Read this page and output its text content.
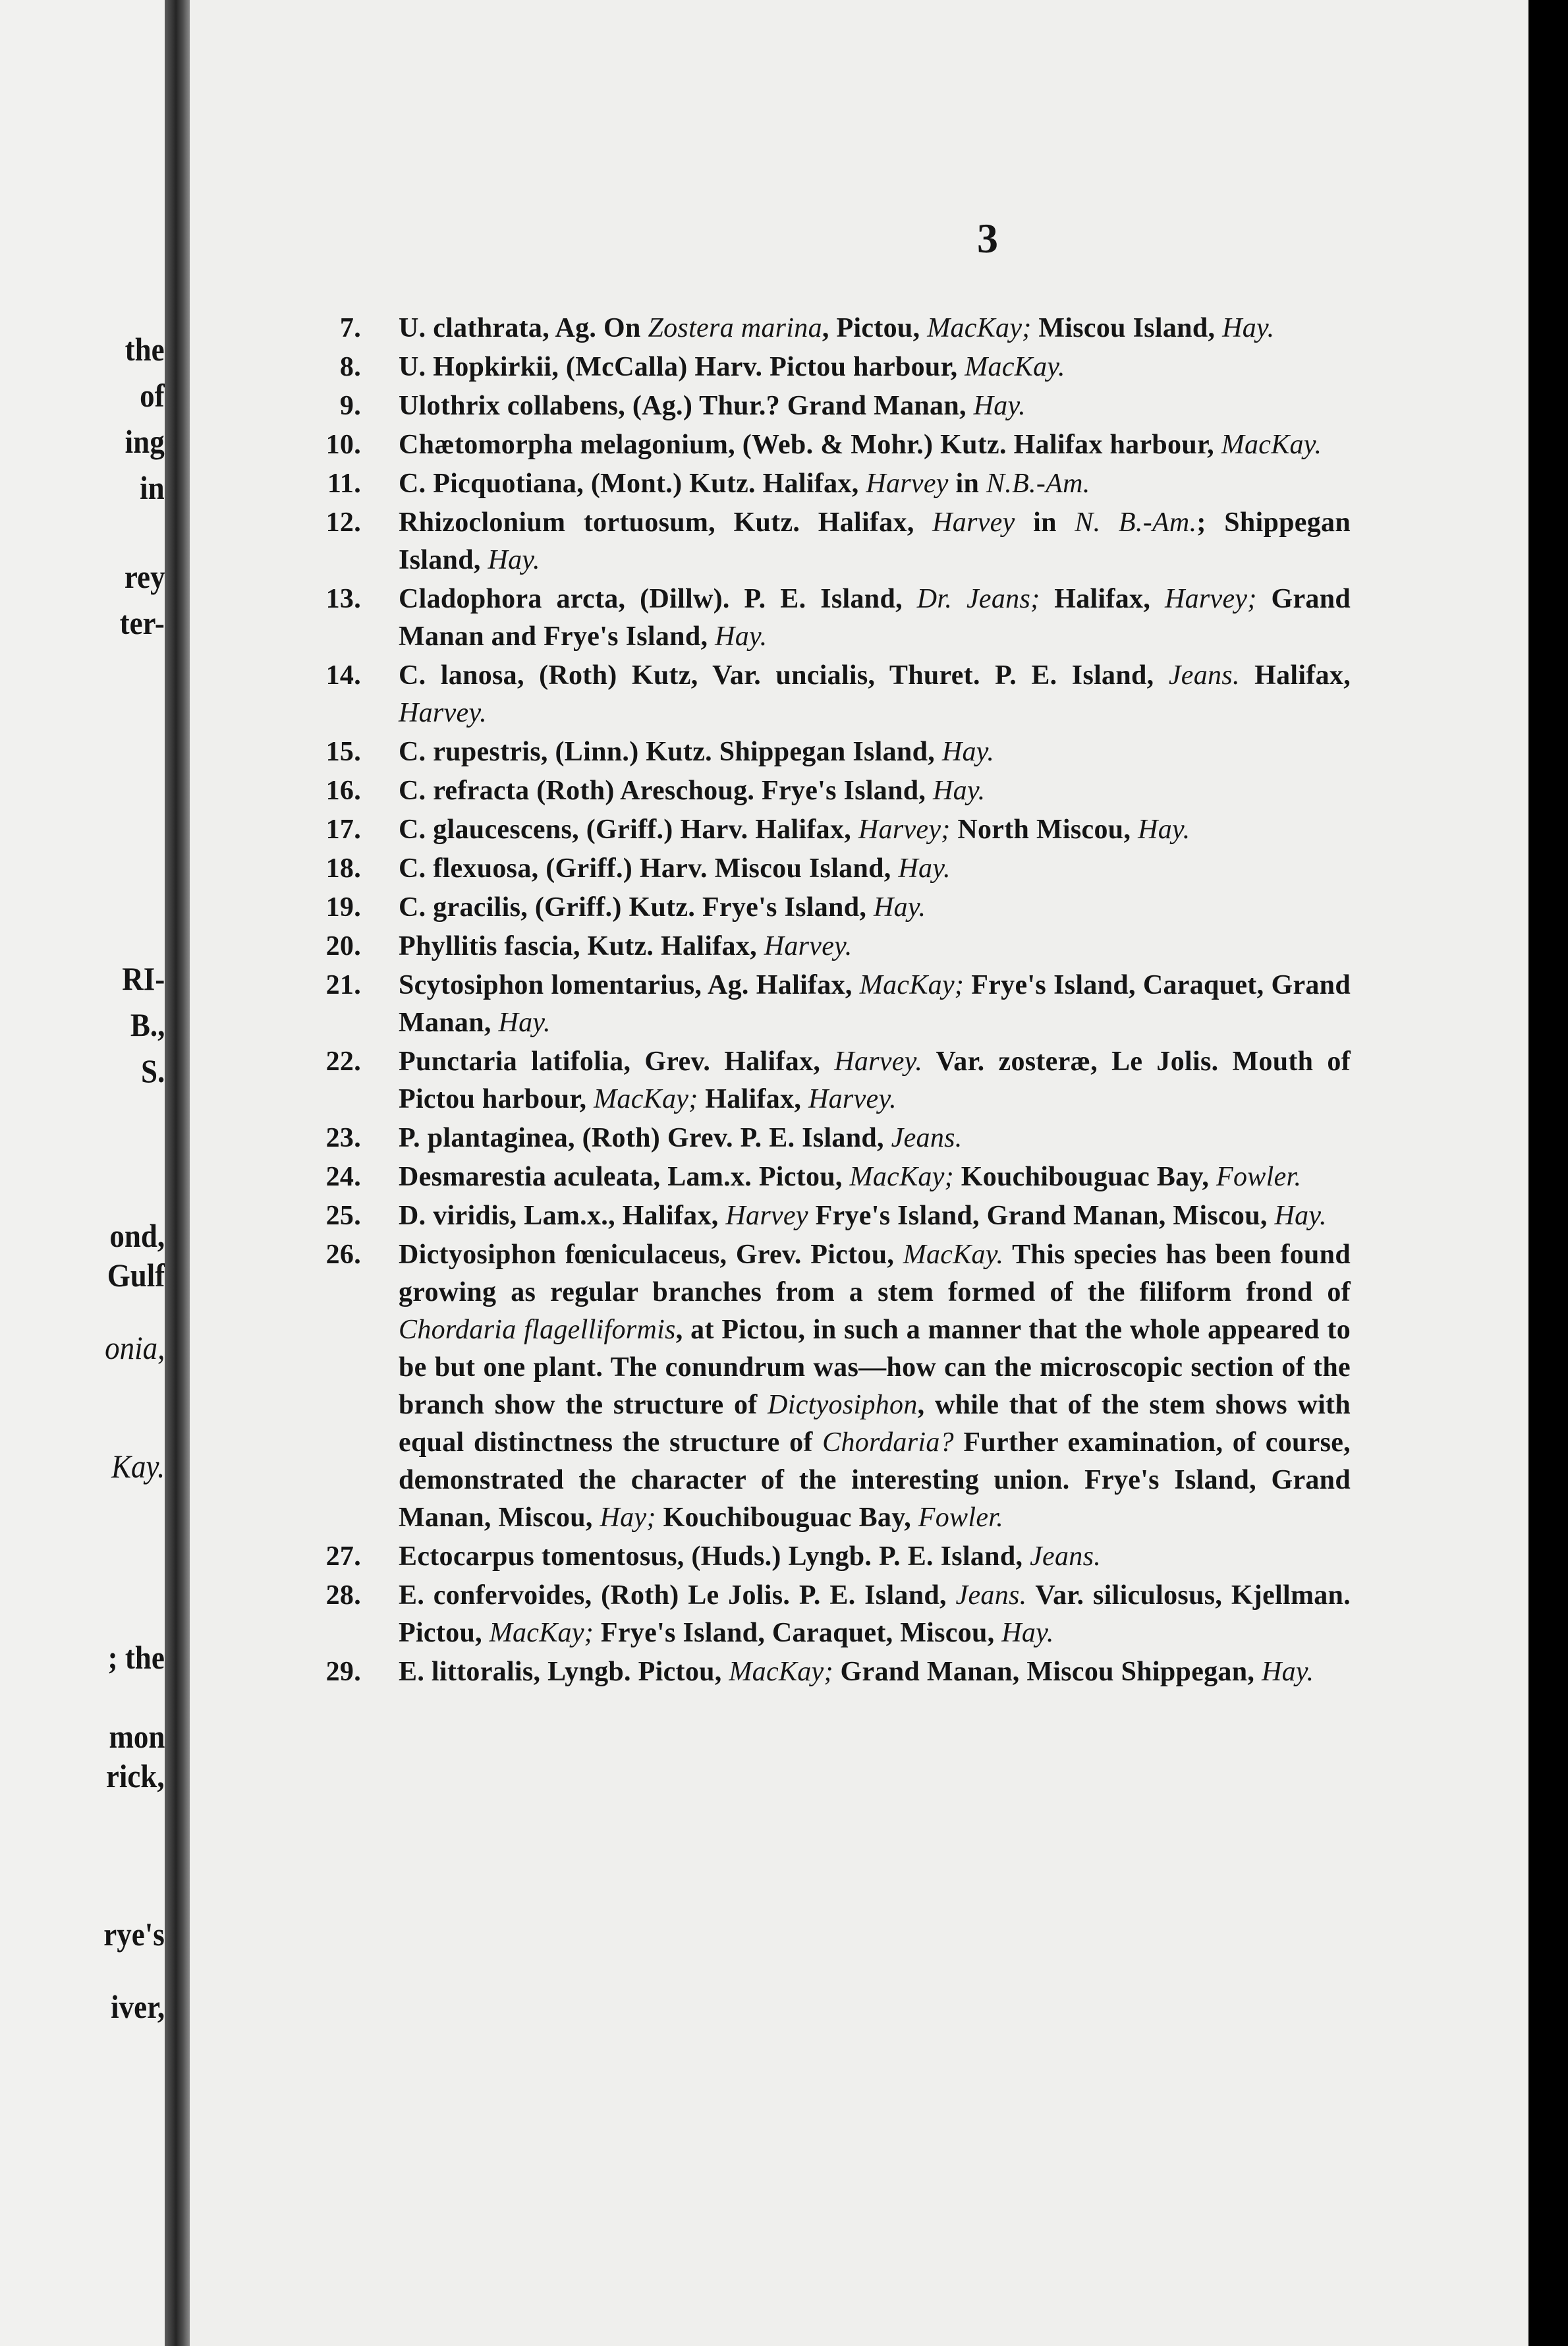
the
of
ing
in
rey
ter-
RI-
B.,
S.
ond,
Gulf
onia,
Kay.
; the
mon
rick,
rye's
iver,
3
7. U. clathrata, Ag. On Zostera marina, Pictou, MacKay; Miscou Island, Hay.
8. U. Hopkirkii, (McCalla) Harv. Pictou harbour, MacKay.
9. Ulothrix collabens, (Ag.) Thur.? Grand Manan, Hay.
10. Chætomorpha melagonium, (Web. & Mohr.) Kutz. Halifax harbour, MacKay.
11. C. Picquotiana, (Mont.) Kutz. Halifax, Harvey in N.B.-Am.
12. Rhizoclonium tortuosum, Kutz. Halifax, Harvey in N. B.-Am.; Shippegan Island, Hay.
13. Cladophora arcta, (Dillw). P. E. Island, Dr. Jeans; Halifax, Harvey; Grand Manan and Frye's Island, Hay.
14. C. lanosa, (Roth) Kutz, Var. uncialis, Thuret. P. E. Island, Jeans. Halifax, Harvey.
15. C. rupestris, (Linn.) Kutz. Shippegan Island, Hay.
16. C. refracta (Roth) Areschoug. Frye's Island, Hay.
17. C. glaucescens, (Griff.) Harv. Halifax, Harvey; North Miscou, Hay.
18. C. flexuosa, (Griff.) Harv. Miscou Island, Hay.
19. C. gracilis, (Griff.) Kutz. Frye's Island, Hay.
20. Phyllitis fascia, Kutz. Halifax, Harvey.
21. Scytosiphon lomentarius, Ag. Halifax, MacKay; Frye's Island, Caraquet, Grand Manan, Hay.
22. Punctaria latifolia, Grev. Halifax, Harvey. Var. zosteræ, Le Jolis. Mouth of Pictou harbour, MacKay; Halifax, Harvey.
23. P. plantaginea, (Roth) Grev. P. E. Island, Jeans.
24. Desmarestia aculeata, Lam.x. Pictou, MacKay; Kouchibouguac Bay, Fowler.
25. D. viridis, Lam.x., Halifax, Harvey Frye's Island, Grand Manan, Miscou, Hay.
26. Dictyosiphon fœniculaceus, Grev. Pictou, MacKay. This species has been found growing as regular branches from a stem formed of the filiform frond of Chordaria flagelliformis, at Pictou, in such a manner that the whole appeared to be but one plant. The conundrum was—how can the microscopic section of the branch show the structure of Dictyosiphon, while that of the stem shows with equal distinctness the structure of Chordaria? Further examination, of course, demonstrated the character of the interesting union. Frye's Island, Grand Manan, Miscou, Hay; Kouchibouguac Bay, Fowler.
27. Ectocarpus tomentosus, (Huds.) Lyngb. P. E. Island, Jeans.
28. E. confervoides, (Roth) Le Jolis. P. E. Island, Jeans. Var. siliculosus, Kjellman. Pictou, MacKay; Frye's Island, Caraquet, Miscou, Hay.
29. E. littoralis, Lyngb. Pictou, MacKay; Grand Manan, Miscou Shippegan, Hay.
